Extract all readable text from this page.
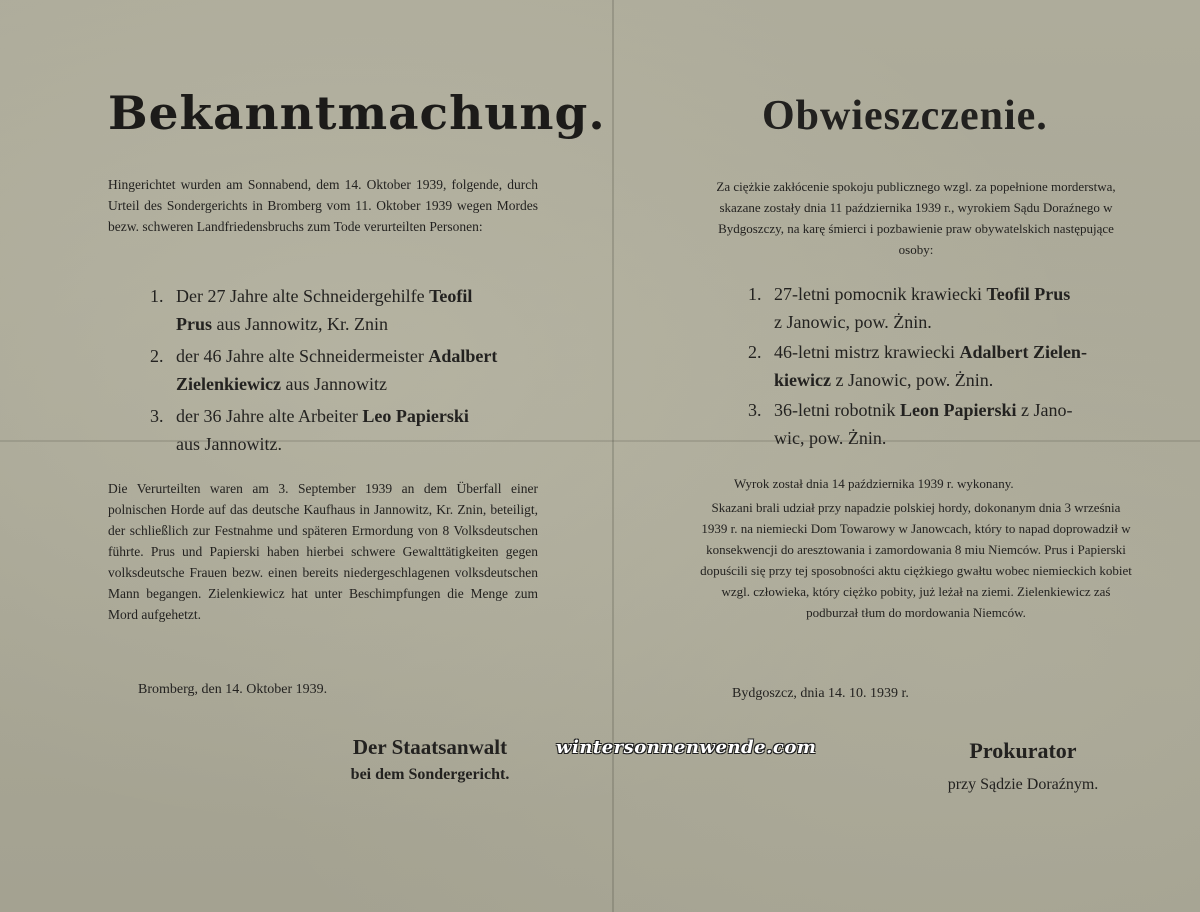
Bekanntmachung.

Hingerichtet wurden am Sonnabend, dem 14. Oktober 1939, folgende, durch Urteil des Sondergerichts in Bromberg vom 11. Oktober 1939 wegen Mordes bezw. schweren Landfriedensbruchs zum Tode verurteilten Personen:

1. Der 27 Jahre alte Schneidergehilfe Teofil
Prus aus Jannowitz, Kr. Znin

2. der 46 Jahre alte Schneidermeister Adalbert
Zielenkiewicz aus Jannowitz

3. der 36 Jahre alte Arbeiter Leo Papierski
aus Jannowitz.

Die Verurteilten waren am 3. September 1939 an dem Überfall einer polnischen Horde auf das deutsche Kaufhaus in Jannowitz, Kr. Znin, beteiligt, der schließlich zur Festnahme und späteren Ermordung von 8 Volksdeutschen führte. Prus und Papierski haben hierbei schwere Gewalttätigkeiten gegen volksdeutsche Frauen bezw. einen bereits niedergeschlagenen volksdeutschen Mann begangen. Zielenkiewicz hat unter Beschimpfungen die Menge zum Mord aufgehetzt.

Bromberg, den 14. Oktober 1939.
Der Staatsanwalt
bei dem Sondergericht.
Obwieszczenie.

Za ciężkie zakłócenie spokoju publicznego wzgl. za popełnione morderstwa, skazane zostały dnia 11 października 1939 r., wyrokiem Sądu Doraźnego w Bydgoszczy, na karę śmierci i pozbawienie praw obywatelskich następujące osoby:

1. 27-letni pomocnik krawiecki Teofil Prus
z Janowic, pow. Żnin.

2. 46-letni mistrz krawiecki Adalbert Zielen-
kiewicz z Janowic, pow. Żnin.

3. 36-letni robotnik Leon Papierski z Jano-
wic, pow. Żnin.

Wyrok został dnia 14 października 1939 r. wykonany.

Skazani brali udział przy napadzie polskiej hordy, dokonanym dnia 3 września 1939 r. na niemiecki Dom Towarowy w Janowcach, który to napad doprowadził w konsekwencji do aresztowania i zamordowania 8 miu Niemców. Prus i Papierski dopuścili się przy tej sposobności aktu ciężkiego gwałtu wobec niemieckich kobiet wzgl. człowieka, który ciężko pobity, już leżał na ziemi. Zielenkiewicz zaś podburzał tłum do mordowania Niemców.

Bydgoszcz, dnia 14. 10. 1939 r.
Prokurator
przy Sądzie Doraźnym.
wintersonnenwende.com
